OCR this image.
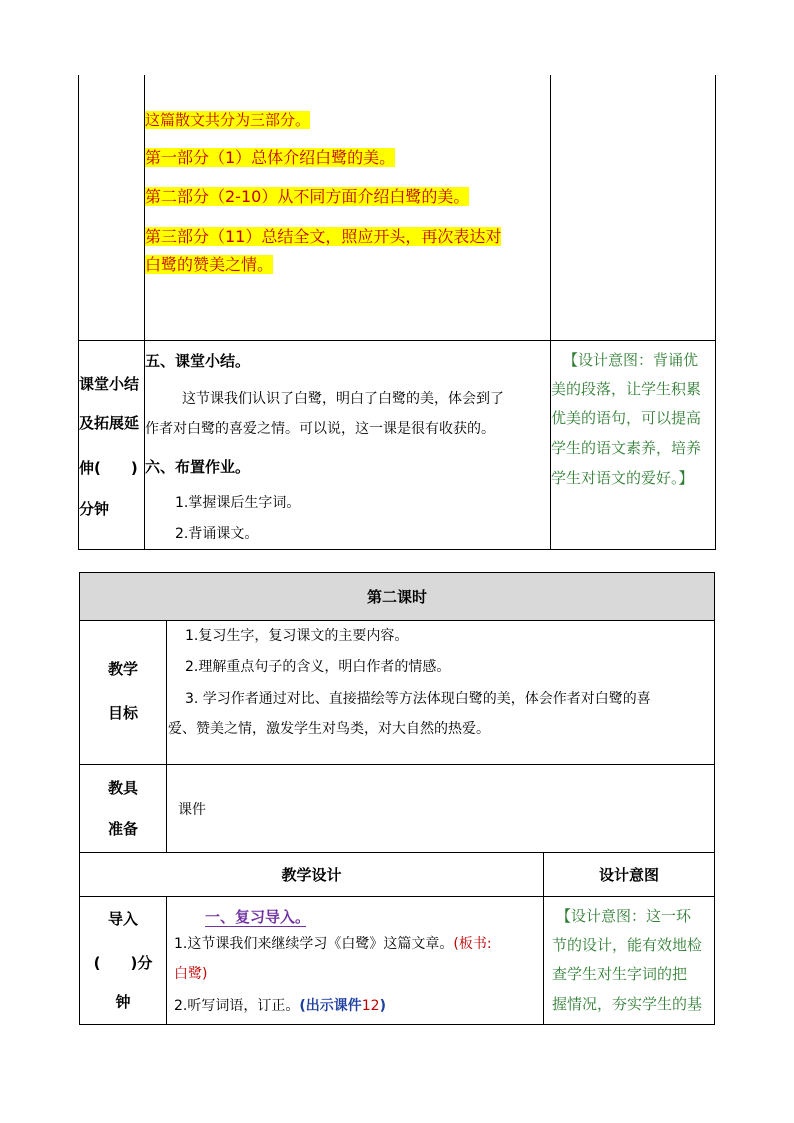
这篇散文共分为三部分。
第一部分（1）总体介绍白鹭的美。
第二部分（2-10）从不同方面介绍白鹭的美。
第三部分（11）总结全文，照应开头，再次表达对
白鹭的赞美之情。
课堂小结
及拓展延
伸(　　)
分钟
五、课堂小结。
这节课我们认识了白鹭，明白了白鹭的美，体会到了
作者对白鹭的喜爱之情。可以说，这一课是很有收获的。
六、布置作业。
1.掌握课后生字词。
2.背诵课文。
【设计意图：背诵优
美的段落，让学生积累
优美的语句，可以提高
学生的语文素养，培养
学生对语文的爱好。】
第二课时
教学
目标
1.复习生字，复习课文的主要内容。
2.理解重点句子的含义，明白作者的情感。
3. 学习作者通过对比、直接描绘等方法体现白鹭的美，体会作者对白鹭的喜
爱、赞美之情，激发学生对鸟类，对大自然的热爱。
教具
准备
课件
教学设计	设计意图
导入
(　　)分
钟
一、复习导入。
1.这节课我们来继续学习《白鹭》这篇文章。(板书:
白鹭)
2.听写词语，订正。(出示课件12)
【设计意图：这一环
节的设计，能有效地检
查学生对生字词的把
握情况，夯实学生的基
